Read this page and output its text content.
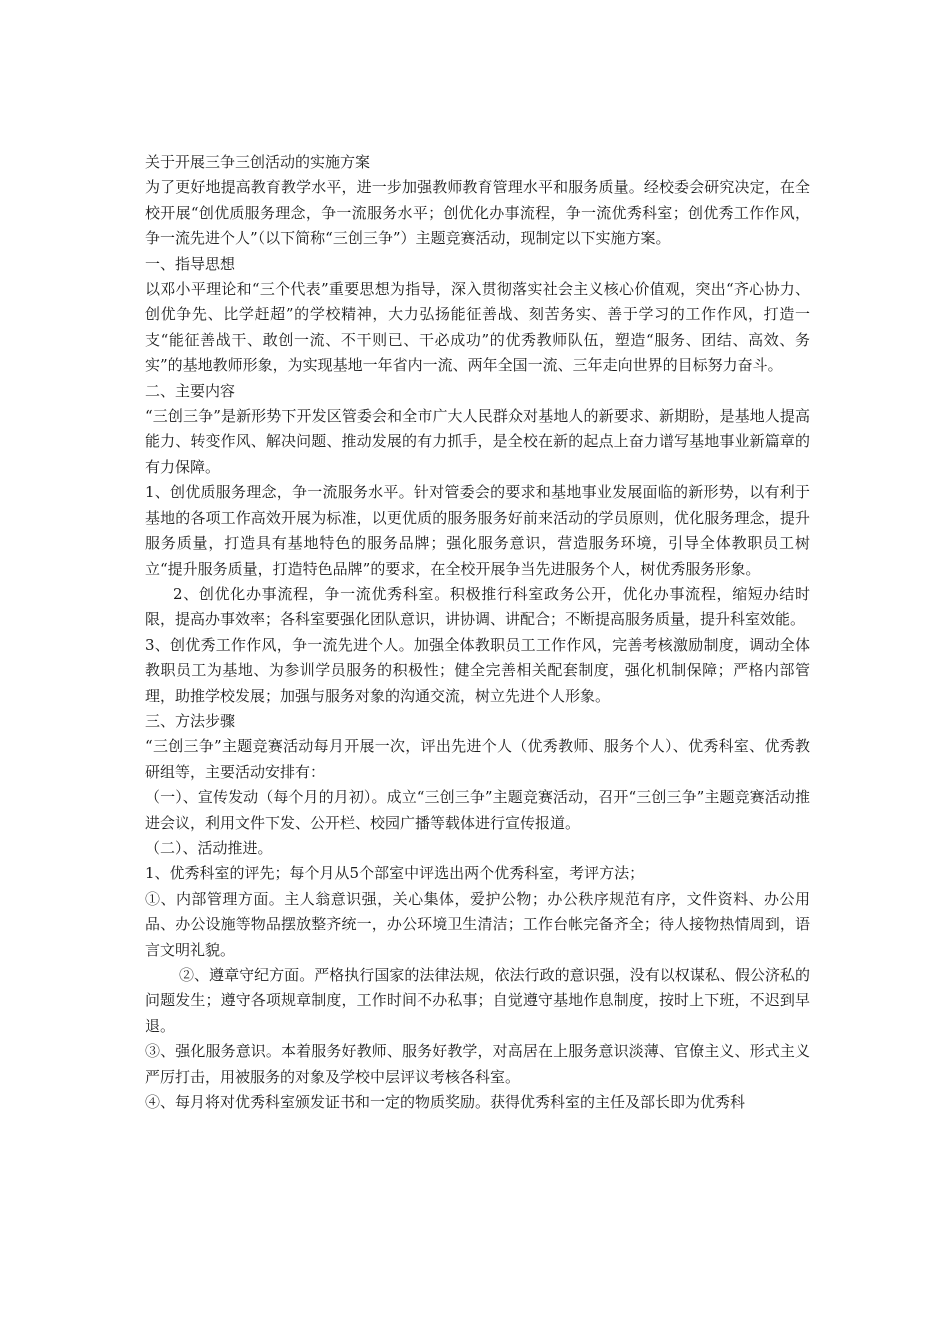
关于开展三争三创活动的实施方案

为了更好地提高教育教学水平，进一步加强教师教育管理水平和服务质量。经校委会研究决定，在全校开展“创优质服务理念，争一流服务水平；创优化办事流程，争一流优秀科室；创优秀工作作风，争一流先进个人”（以下简称“三创三争”）主题竞赛活动，现制定以下实施方案。

一、指导思想

以邓小平理论和“三个代表”重要思想为指导，深入贯彻落实社会主义核心价值观，突出“齐心协力、创优争先、比学赶超”的学校精神，大力弘扬能征善战、刻苦务实、善于学习的工作作风，打造一支“能征善战干、敢创一流、不干则已、干必成功”的优秀教师队伍，塑造“服务、团结、高效、务实”的基地教师形象，为实现基地一年省内一流、两年全国一流、三年走向世界的目标努力奋斗。

二、主要内容

“三创三争”是新形势下开发区管委会和全市广大人民群众对基地人的新要求、新期盼，是基地人提高能力、转变作风、解决问题、推动发展的有力抓手，是全校在新的起点上奋力谱写基地事业新篇章的有力保障。

1、创优质服务理念，争一流服务水平。针对管委会的要求和基地事业发展面临的新形势，以有利于基地的各项工作高效开展为标准，以更优质的服务服务好前来活动的学员原则，优化服务理念，提升服务质量，打造具有基地特色的服务品牌；强化服务意识，营造服务环境，引导全体教职员工树立“提升服务质量，打造特色品牌”的要求，在全校开展争当先进服务个人，树优秀服务形象。

2、创优化办事流程，争一流优秀科室。积极推行科室政务公开，优化办事流程，缩短办结时限，提高办事效率；各科室要强化团队意识，讲协调、讲配合；不断提高服务质量，提升科室效能。

3、创优秀工作作风，争一流先进个人。加强全体教职员工工作作风，完善考核激励制度，调动全体教职员工为基地、为参训学员服务的积极性；健全完善相关配套制度，强化机制保障；严格内部管理，助推学校发展；加强与服务对象的沟通交流，树立先进个人形象。

三、方法步骤

“三创三争”主题竞赛活动每月开展一次，评出先进个人（优秀教师、服务个人）、优秀科室、优秀教研组等，主要活动安排有：

（一）、宣传发动（每个月的月初）。成立“三创三争”主题竞赛活动，召开“三创三争”主题竞赛活动推进会议，利用文件下发、公开栏、校园广播等载体进行宣传报道。

（二）、活动推进。

1、优秀科室的评先；每个月从5个部室中评选出两个优秀科室，考评方法；

①、内部管理方面。主人翁意识强，关心集体，爱护公物；办公秩序规范有序，文件资料、办公用品、办公设施等物品摆放整齐统一，办公环境卫生清洁；工作台帐完备齐全；待人接物热情周到，语言文明礼貌。

②、遵章守纪方面。严格执行国家的法律法规，依法行政的意识强，没有以权谋私、假公济私的问题发生；遵守各项规章制度，工作时间不办私事；自觉遵守基地作息制度，按时上下班，不迟到早退。

③、强化服务意识。本着服务好教师、服务好教学，对高居在上服务意识淡薄、官僚主义、形式主义严厉打击，用被服务的对象及学校中层评议考核各科室。

④、每月将对优秀科室颁发证书和一定的物质奖励。获得优秀科室的主任及部长即为优秀科
